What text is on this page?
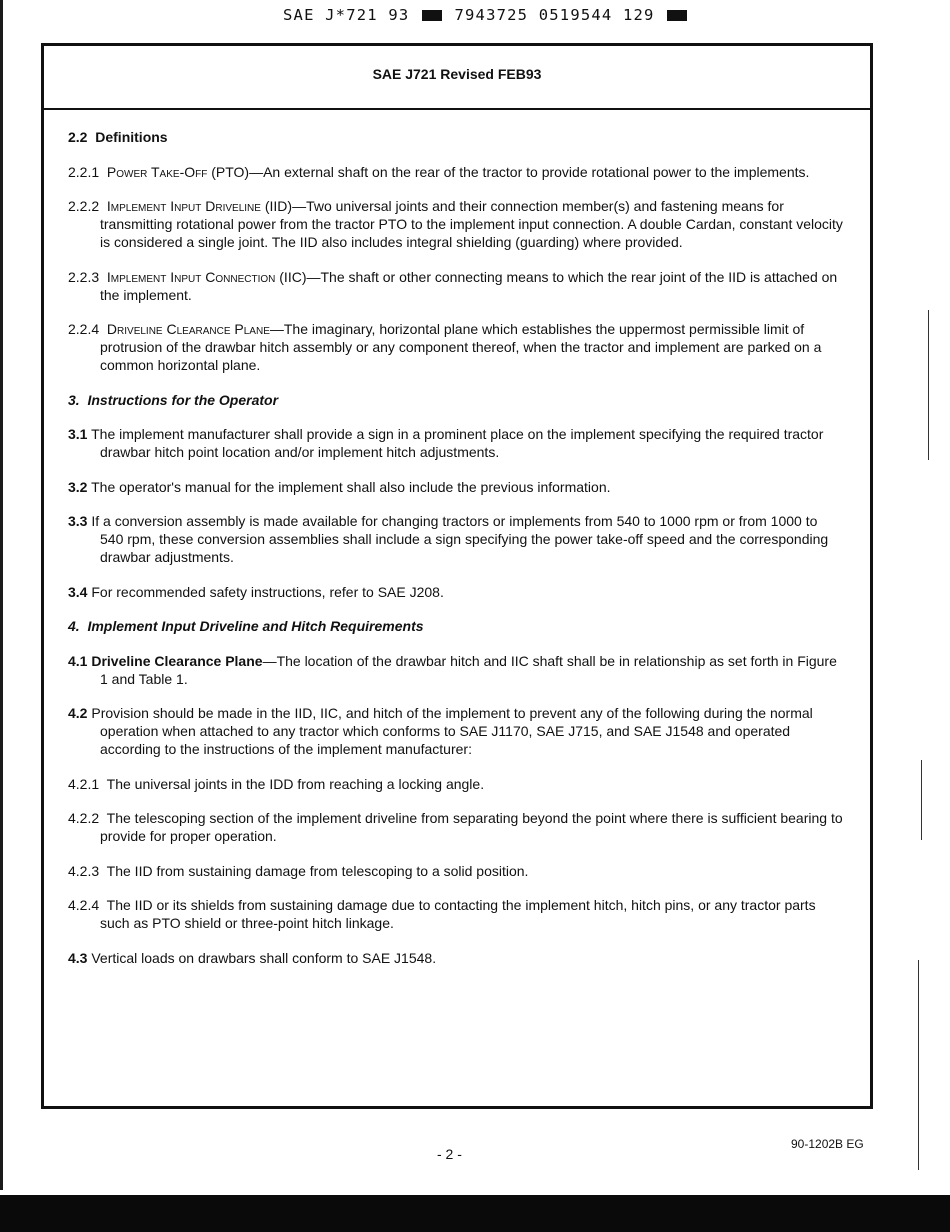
SAE J*721 93	7943725 0519544 129
SAE J721 Revised FEB93

2.2 Definitions

2.2.1 Power Take-Off (PTO)—An external shaft on the rear of the tractor to provide rotational power to the implements.

2.2.2 Implement Input Driveline (IID)—Two universal joints and their connection member(s) and fastening means for transmitting rotational power from the tractor PTO to the implement input connection. A double Cardan, constant velocity is considered a single joint. The IID also includes integral shielding (guarding) where provided.

2.2.3 Implement Input Connection (IIC)—The shaft or other connecting means to which the rear joint of the IID is attached on the implement.

2.2.4 Driveline Clearance Plane—The imaginary, horizontal plane which establishes the uppermost permissible limit of protrusion of the drawbar hitch assembly or any component thereof, when the tractor and implement are parked on a common horizontal plane.

3. Instructions for the Operator

3.1 The implement manufacturer shall provide a sign in a prominent place on the implement specifying the required tractor drawbar hitch point location and/or implement hitch adjustments.

3.2 The operator's manual for the implement shall also include the previous information.

3.3 If a conversion assembly is made available for changing tractors or implements from 540 to 1000 rpm or from 1000 to 540 rpm, these conversion assemblies shall include a sign specifying the power take-off speed and the corresponding drawbar adjustments.

3.4 For recommended safety instructions, refer to SAE J208.

4. Implement Input Driveline and Hitch Requirements

4.1 Driveline Clearance Plane—The location of the drawbar hitch and IIC shaft shall be in relationship as set forth in Figure 1 and Table 1.

4.2 Provision should be made in the IID, IIC, and hitch of the implement to prevent any of the following during the normal operation when attached to any tractor which conforms to SAE J1170, SAE J715, and SAE J1548 and operated according to the instructions of the implement manufacturer:

4.2.1 The universal joints in the IDD from reaching a locking angle.

4.2.2 The telescoping section of the implement driveline from separating beyond the point where there is sufficient bearing to provide for proper operation.

4.2.3 The IID from sustaining damage from telescoping to a solid position.

4.2.4 The IID or its shields from sustaining damage due to contacting the implement hitch, hitch pins, or any tractor parts such as PTO shield or three-point hitch linkage.

4.3 Vertical loads on drawbars shall conform to SAE J1548.

- 2 -
90-1202B EG
